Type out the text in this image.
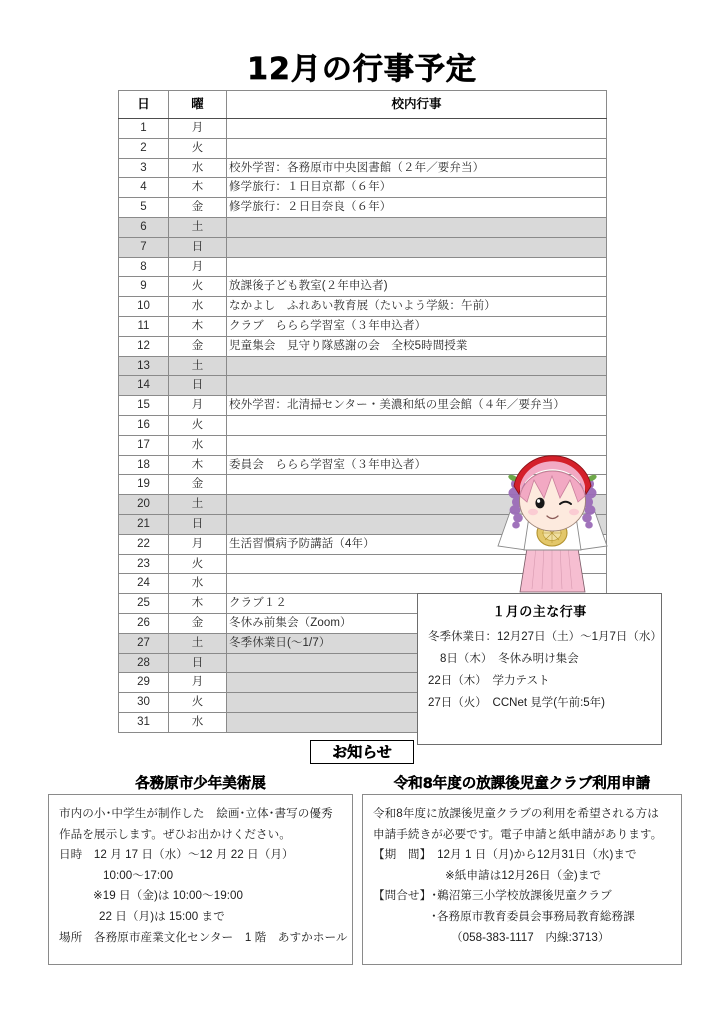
12月の行事予定
日	曜	校内行事
1	月	
2	火	
3	水	校外学習：各務原市中央図書館（２年／要弁当）
4	木	修学旅行：１日目京都（６年）
5	金	修学旅行：２日目奈良（６年）
6	土	
7	日	
8	月	
9	火	放課後子ども教室(２年申込者)
10	水	なかよし　ふれあい教育展（たいよう学級：午前）
11	木	クラブ　ららら学習室（３年申込者）
12	金	児童集会　見守り隊感謝の会　全校5時間授業
13	土	
14	日	
15	月	校外学習：北清掃センター・美濃和紙の里会館（４年／要弁当）
16	火	
17	水	
18	木	委員会　ららら学習室（３年申込者）
19	金	
20	土	
21	日	
22	月	生活習慣病予防講話（4年）
23	火	
24	水	
25	木	クラブ１２
26	金	冬休み前集会（Zoom）
27	土	冬季休業日(〜1/7）
28	日	
29	月	
30	火	
31	水	
１月の主な行事
冬季休業日：12月27日（土）〜1月7日（水）
8日（木）　冬休み明け集会
22日（木）　学力テスト
27日（火）　CCNet 見学(午前:5年)
お知らせ
各務原市少年美術展
市内の小･中学生が制作した　絵画･立体･書写の優秀
作品を展示します。ぜひお出かけください。
日時　12 月 17 日（水）〜12 月 22 日（月）
10:00〜17:00
※19 日（金)は 10:00〜19:00
22 日（月)は 15:00 まで
場所　各務原市産業文化センター　1 階　あすかホール
令和8年度の放課後児童クラブ利用申請
令和8年度に放課後児童クラブの利用を希望される方は
申請手続きが必要です。電子申請と紙申請があります。
【期　間】　12月 1 日（月)から12月31日（水)まで
※紙申請は12月26日（金)まで
【問合せ】･鵜沼第三小学校放課後児童クラブ
･各務原市教育委員会事務局教育総務課
（058-383-1117　内線:3713）
